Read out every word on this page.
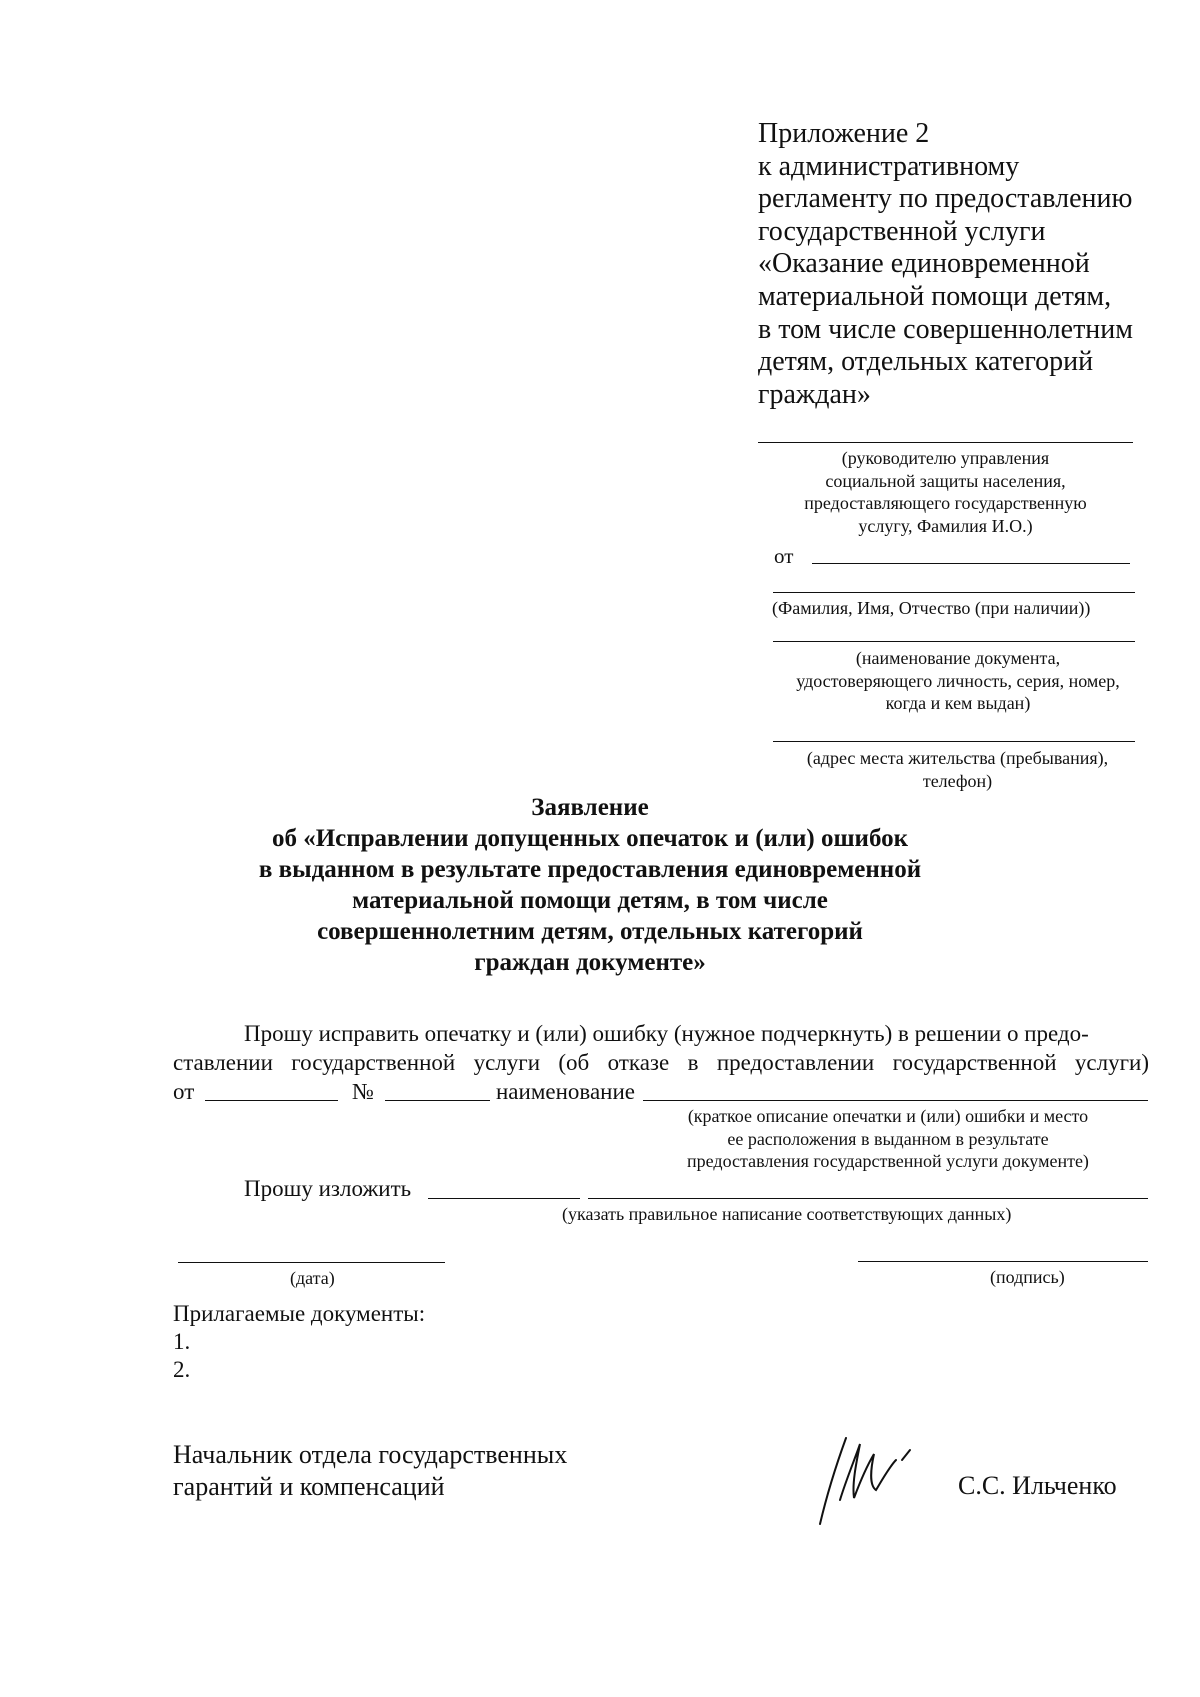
Приложение 2
к административному
регламенту по предоставлению
государственной услуги
«Оказание единовременной
материальной помощи детям,
в том числе совершеннолетним
детям, отдельных категорий
граждан»
(руководителю управления
социальной защиты населения,
предоставляющего государственную
услугу, Фамилия И.О.)
от
(Фамилия, Имя, Отчество (при наличии))
(наименование документа,
удостоверяющего личность, серия, номер,
когда и кем выдан)
(адрес места жительства (пребывания),
телефон)
Заявление
об «Исправлении допущенных опечаток и (или) ошибок
в выданном в результате предоставления единовременной
материальной помощи детям, в том числе
совершеннолетним детям, отдельных категорий
граждан документе»
Прошу исправить опечатку и (или) ошибку (нужное подчеркнуть) в решении о предо-
ставлении государственной услуги (об отказе в предоставлении государственной услуги)
от	№	наименование
(краткое описание опечатки и (или) ошибки и место
ее расположения в выданном в результате
предоставления государственной услуги документе)
Прошу изложить
(указать правильное написание соответствующих данных)
(дата)	(подпись)
Прилагаемые документы:
1.
2.
Начальник отдела государственных
гарантий и компенсаций	С.С. Ильченко
